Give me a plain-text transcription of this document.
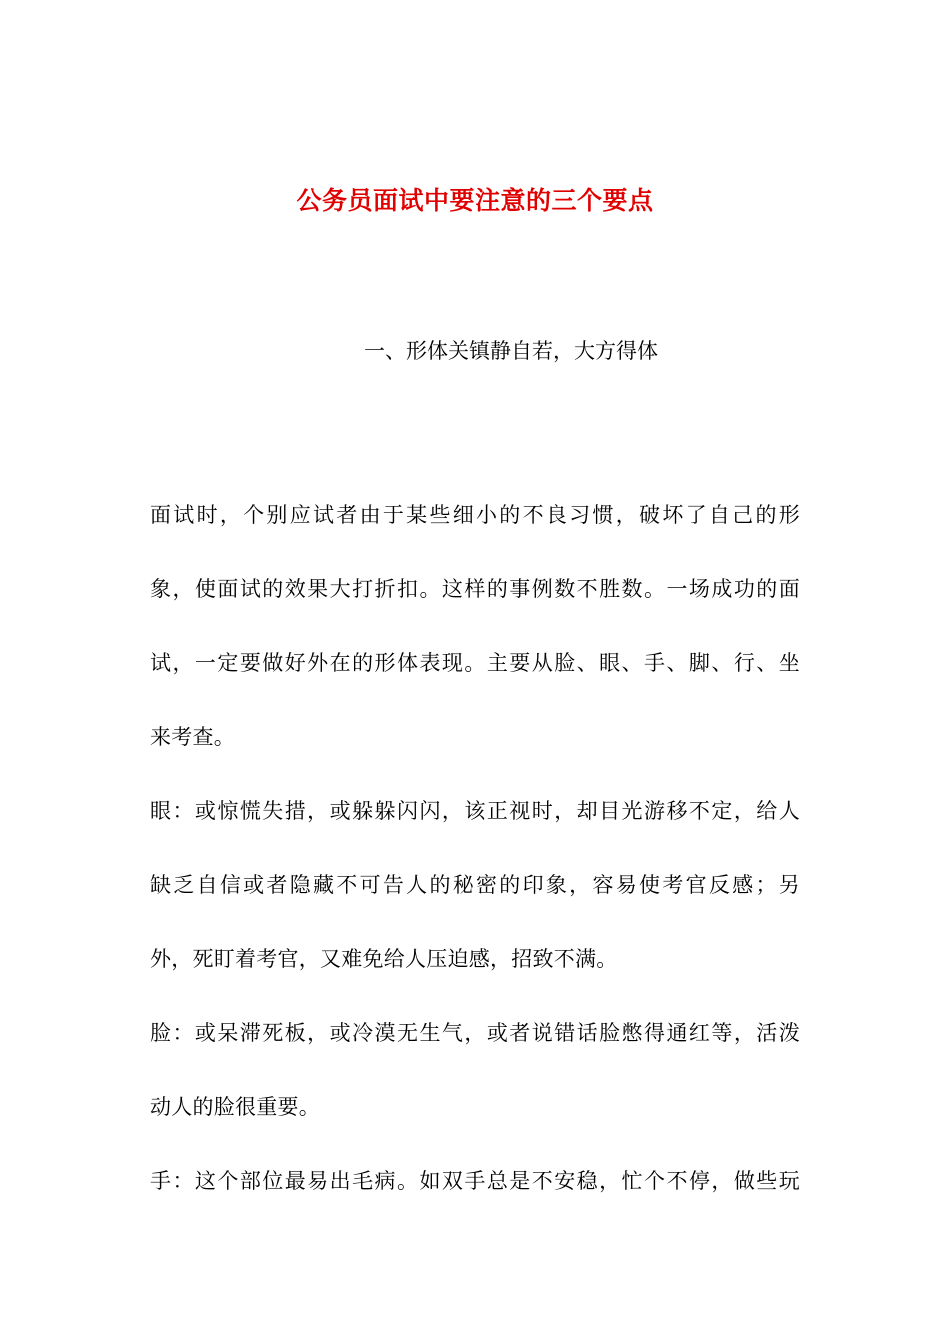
公务员面试中要注意的三个要点
一、形体关镇静自若，大方得体
面试时，个别应试者由于某些细小的不良习惯，破坏了自己的形
象，使面试的效果大打折扣。这样的事例数不胜数。一场成功的面
试，一定要做好外在的形体表现。主要从脸、眼、手、脚、行、坐
来考查。
眼：或惊慌失措，或躲躲闪闪，该正视时，却目光游移不定，给人
缺乏自信或者隐藏不可告人的秘密的印象，容易使考官反感；另
外，死盯着考官，又难免给人压迫感，招致不满。
脸：或呆滞死板，或冷漠无生气，或者说错话脸憋得通红等，活泼
动人的脸很重要。
手：这个部位最易出毛病。如双手总是不安稳，忙个不停，做些玩
